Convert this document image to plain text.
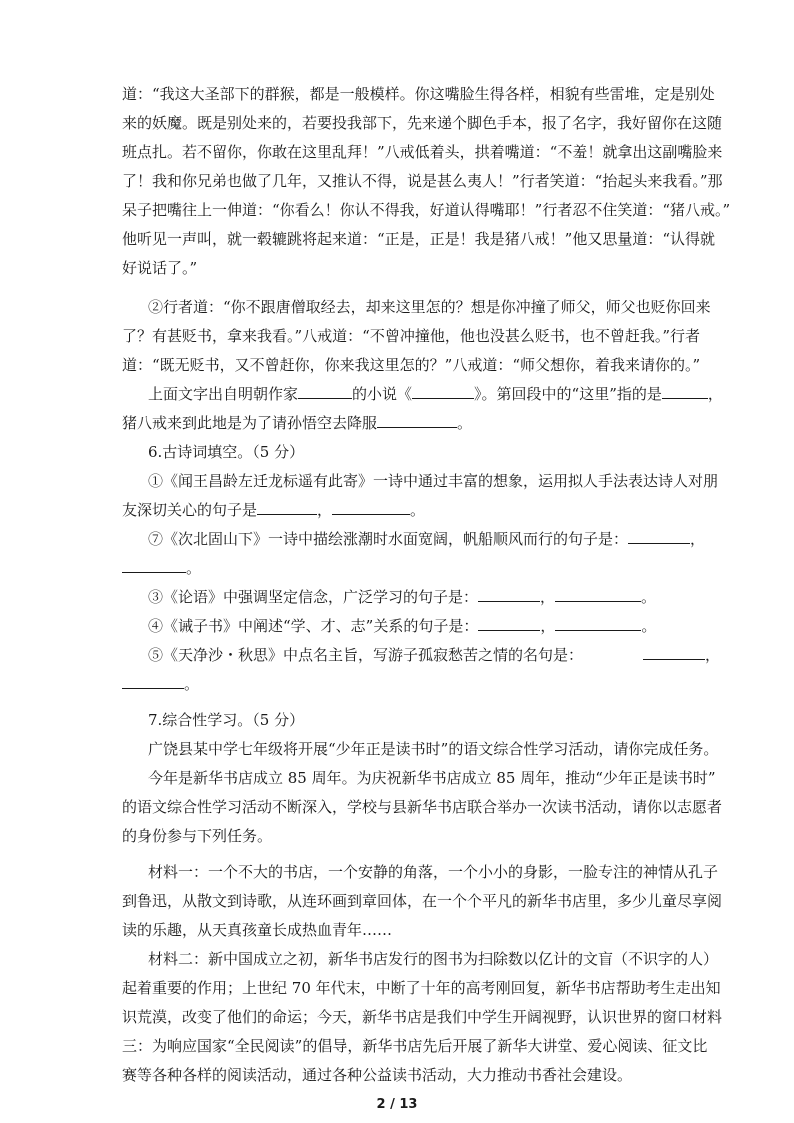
道：“我这大圣部下的群猴，都是一般模样。你这嘴脸生得各样，相貌有些雷堆，定是别处
来的妖魔。既是别处来的，若要投我部下，先来递个脚色手本，报了名字，我好留你在这随
班点扎。若不留你，你敢在这里乱拜！”八戒低着头，拱着嘴道：“不羞！就拿出这副嘴脸来
了！我和你兄弟也做了几年，又推认不得，说是甚么夷人！”行者笑道：“抬起头来我看。”那
呆子把嘴往上一伸道：“你看么！你认不得我，好道认得嘴耶！”行者忍不住笑道：“猪八戒。”
他听见一声叫，就一毂辘跳将起来道：“正是，正是！我是猪八戒！”他又思量道：“认得就
好说话了。”
②行者道：“你不跟唐僧取经去，却来这里怎的？想是你冲撞了师父，师父也贬你回来
了？有甚贬书，拿来我看。”八戒道：“不曾冲撞他，他也没甚么贬书，也不曾赶我。”行者
道：“既无贬书，又不曾赶你，你来我这里怎的？”八戒道：“师父想你，着我来请你的。”
上面文字出自明朝作家	的小说《	》。第回段中的“这里”指的是	，
猪八戒来到此地是为了请孙悟空去降服	。
6.古诗词填空。（5 分）
①《闻王昌龄左迁龙标遥有此寄》一诗中通过丰富的想象，运用拟人手法表达诗人对朋
友深切关心的句子是	，	。
⑦《次北固山下》一诗中描绘涨潮时水面宽阔，帆船顺风而行的句子是：	，
。
③《论语》中强调坚定信念，广泛学习的句子是：	，	。
④《诫子书》中阐述“学、才、志”关系的句子是：	，	。
⑤《天净沙・秋思》中点名主旨，写游子孤寂愁苦之情的名句是：	，
。
7.综合性学习。（5 分）
广饶县某中学七年级将开展“少年正是读书时”的语文综合性学习活动，请你完成任务。
今年是新华书店成立 85 周年。为庆祝新华书店成立 85 周年，推动“少年正是读书时”
的语文综合性学习活动不断深入，学校与县新华书店联合举办一次读书活动，请你以志愿者
的身份参与下列任务。
材料一：一个不大的书店，一个安静的角落，一个小小的身影，一脸专注的神情从孔子
到鲁迅，从散文到诗歌，从连环画到章回体，在一个个平凡的新华书店里，多少儿童尽享阅
读的乐趣，从天真孩童长成热血青年……
材料二：新中国成立之初，新华书店发行的图书为扫除数以亿计的文盲（不识字的人）
起着重要的作用；上世纪 70 年代末，中断了十年的高考刚回复，新华书店帮助考生走出知
识荒漠，改变了他们的命运；今天，新华书店是我们中学生开阔视野，认识世界的窗口材料
三：为响应国家“全民阅读”的倡导，新华书店先后开展了新华大讲堂、爱心阅读、征文比
赛等各种各样的阅读活动，通过各种公益读书活动，大力推动书香社会建设。
2 / 13
